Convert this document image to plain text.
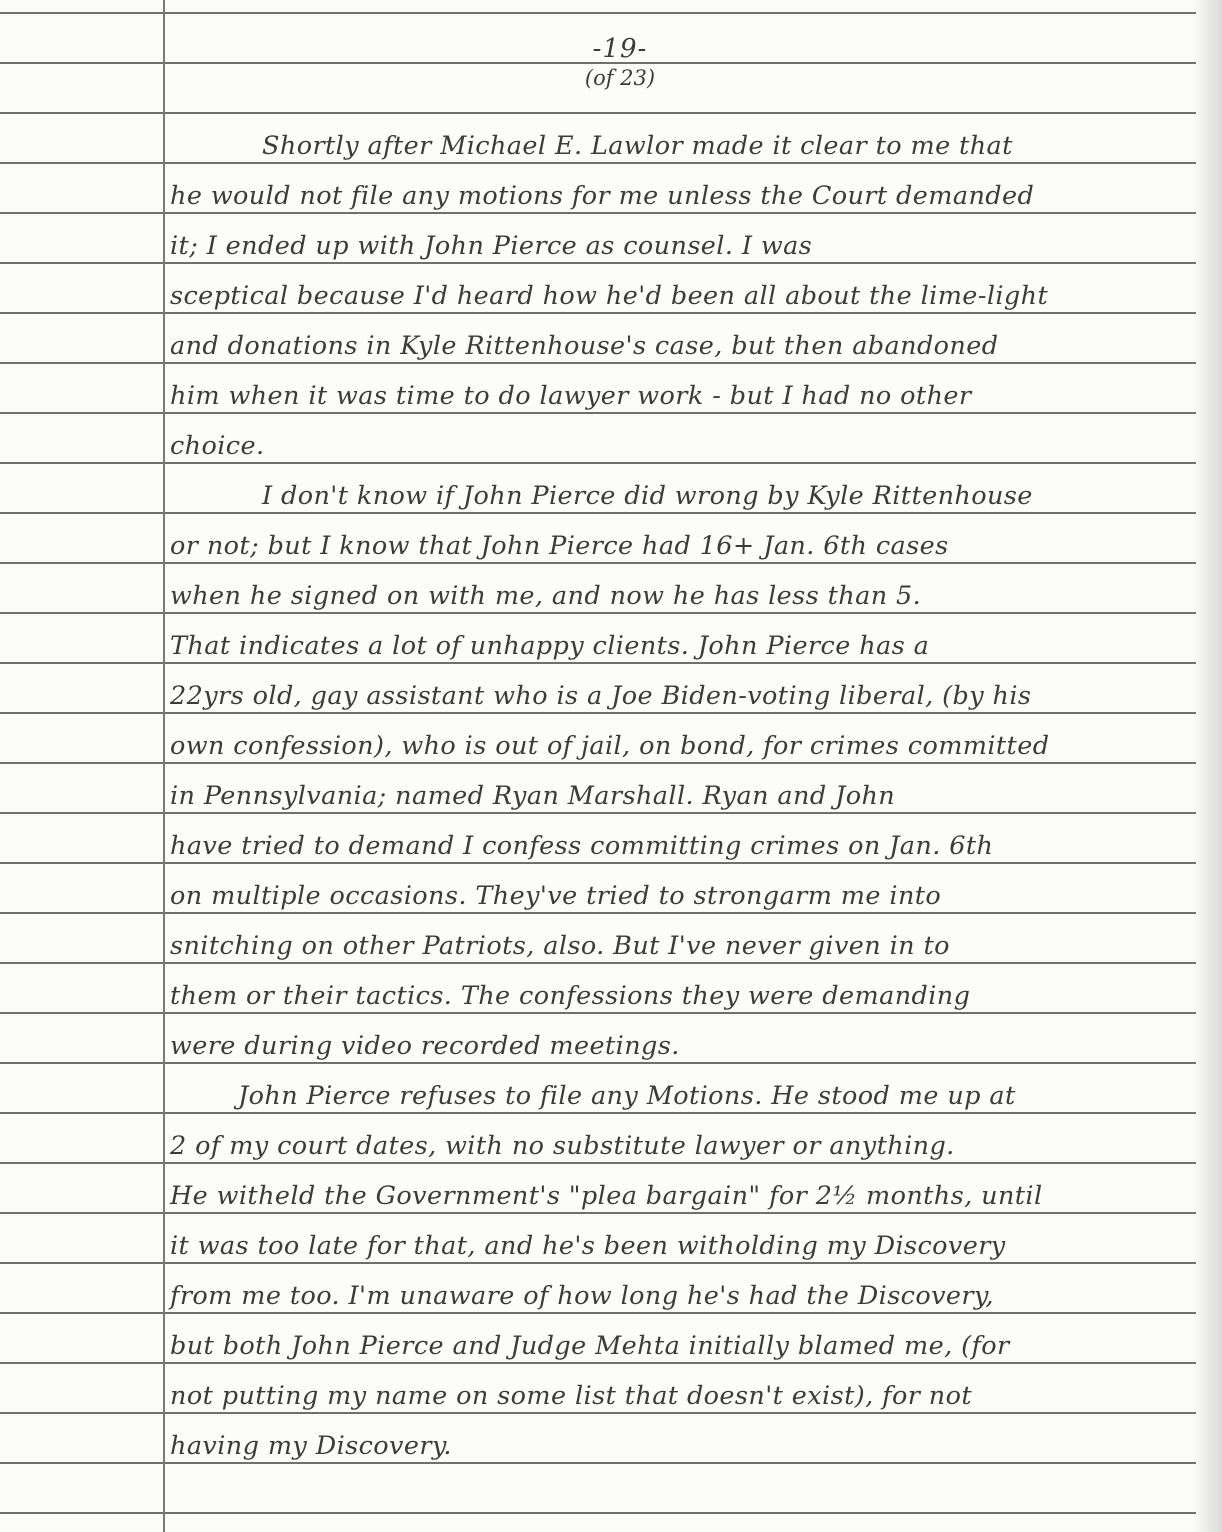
-19-
(of 23)
Shortly after Michael E. Lawlor made it clear to me that
he would not file any motions for me unless the Court demanded
it; I ended up with John Pierce as counsel. I was
sceptical because I'd heard how he'd been all about the lime-light
and donations in Kyle Rittenhouse's case, but then abandoned
him when it was time to do lawyer work - but I had no other
choice.
I don't know if John Pierce did wrong by Kyle Rittenhouse
or not; but I know that John Pierce had 16+ Jan. 6th cases
when he signed on with me, and now he has less than 5.
That indicates a lot of unhappy clients. John Pierce has a
22yrs old, gay assistant who is a Joe Biden-voting liberal, (by his
own confession), who is out of jail, on bond, for crimes committed
in Pennsylvania; named Ryan Marshall. Ryan and John
have tried to demand I confess committing crimes on Jan. 6th
on multiple occasions. They've tried to strongarm me into
snitching on other Patriots, also. But I've never given in to
them or their tactics. The confessions they were demanding
were during video recorded meetings.
John Pierce refuses to file any Motions. He stood me up at
2 of my court dates, with no substitute lawyer or anything.
He witheld the Government's "plea bargain" for 2½ months, until
it was too late for that, and he's been witholding my Discovery
from me too. I'm unaware of how long he's had the Discovery,
but both John Pierce and Judge Mehta initially blamed me, (for
not putting my name on some list that doesn't exist), for not
having my Discovery.
